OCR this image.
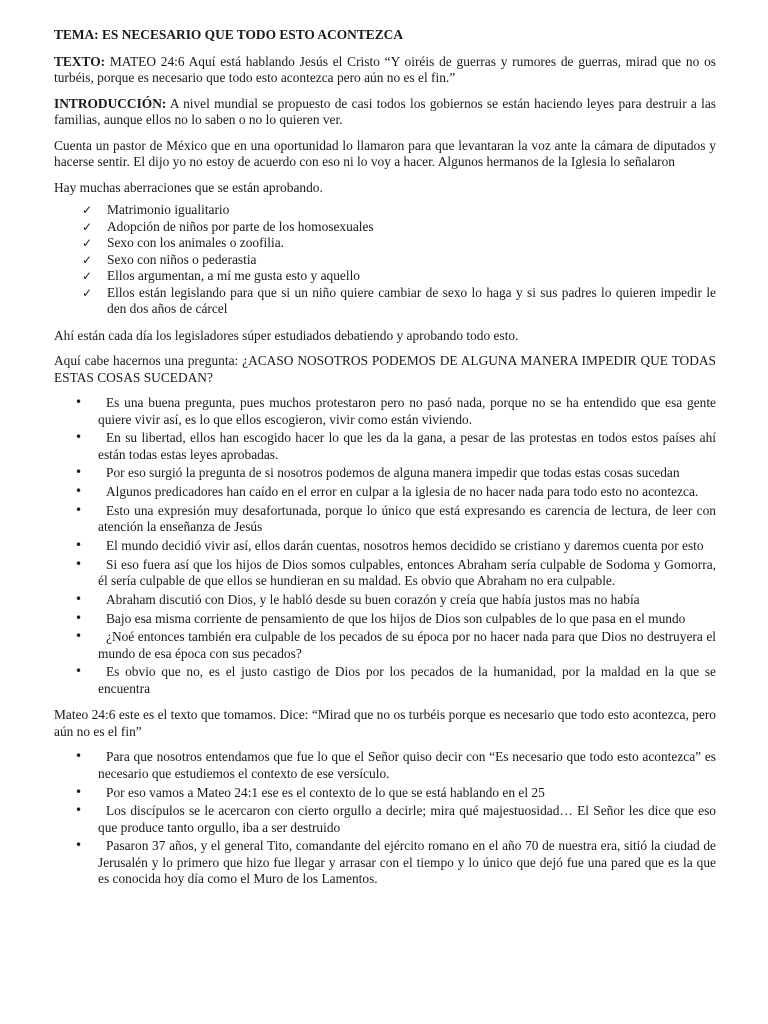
TEMA: ES NECESARIO QUE TODO ESTO ACONTEZCA

TEXTO: MATEO 24:6 Aquí está hablando Jesús el Cristo “Y oiréis de guerras y rumores de guerras, mirad que no os turbéis, porque es necesario que todo esto acontezca pero aún no es el fin.”

INTRODUCCIÓN: A nivel mundial se propuesto de casi todos los gobiernos se están haciendo leyes para destruir a las familias, aunque ellos no lo saben o no lo quieren ver.

Cuenta un pastor de México que en una oportunidad lo llamaron para que levantaran la voz ante la cámara de diputados y hacerse sentir. El dijo yo no estoy de acuerdo con eso ni lo voy a hacer. Algunos hermanos de la Iglesia lo señalaron

Hay muchas aberraciones que se están aprobando.

✓ Matrimonio igualitario
✓ Adopción de niños por parte de los homosexuales
✓ Sexo con los animales o zoofilia.
✓ Sexo con niños o pederastia
✓ Ellos argumentan, a mí me gusta esto y aquello
✓ Ellos están legislando para que si un niño quiere cambiar de sexo lo haga y si sus padres lo quieren impedir le den dos años de cárcel

Ahí están cada día los legisladores súper estudiados debatiendo y aprobando todo esto.

Aquí cabe hacernos una pregunta: ¿ACASO NOSOTROS PODEMOS DE ALGUNA MANERA IMPEDIR QUE TODAS ESTAS COSAS SUCEDAN?

•	Es una buena pregunta, pues muchos protestaron pero no pasó nada, porque no se ha entendido que esa gente quiere vivir así, es lo que ellos escogieron, vivir como están viviendo.
•	En su libertad, ellos han escogido hacer lo que les da la gana, a pesar de las protestas en todos estos países ahí están todas estas leyes aprobadas.
•	Por eso surgió la pregunta de si nosotros podemos de alguna manera impedir que todas estas cosas sucedan
•	Algunos predicadores han caído en el error en culpar a la iglesia de no hacer nada para todo esto no acontezca.
•	Esto una expresión muy desafortunada, porque lo único que está expresando es carencia de lectura, de leer con atención la enseñanza de Jesús
•	El mundo decidió vivir así, ellos darán cuentas, nosotros hemos decidido se cristiano y daremos cuenta por esto
•	Si eso fuera así que los hijos de Dios somos culpables, entonces Abraham sería culpable de Sodoma y Gomorra, él sería culpable de que ellos se hundieran en su maldad. Es obvio que Abraham no era culpable.
•	Abraham discutió con Dios, y le habló desde su buen corazón y creía que había justos mas no había
•	Bajo esa misma corriente de pensamiento de que los hijos de Dios son culpables de lo que pasa en el mundo
•	¿Noé entonces también era culpable de los pecados de su época por no hacer nada para que Dios no destruyera el mundo de esa época con sus pecados?
•	Es obvio que no, es el justo castigo de Dios por los pecados de la humanidad, por la maldad en la que se encuentra

Mateo 24:6 este es el texto que tomamos. Dice: “Mirad que no os turbéis porque es necesario que todo esto acontezca, pero aún no es el fin”

•	Para que nosotros entendamos que fue lo que el Señor quiso decir con “Es necesario que todo esto acontezca” es necesario que estudiemos el contexto de ese versículo.
•	Por eso vamos a Mateo 24:1 ese es el contexto de lo que se está hablando en el 25
•	Los discípulos se le acercaron con cierto orgullo a decirle; mira qué majestuosidad… El Señor les dice que eso que produce tanto orgullo, iba a ser destruido
•	Pasaron 37 años, y el general Tito, comandante del ejército romano en el año 70 de nuestra era, sitió la ciudad de Jerusalén y lo primero que hizo fue llegar y arrasar con el tiempo y lo único que dejó fue una pared que es la que es conocida hoy día como el Muro de los Lamentos.
